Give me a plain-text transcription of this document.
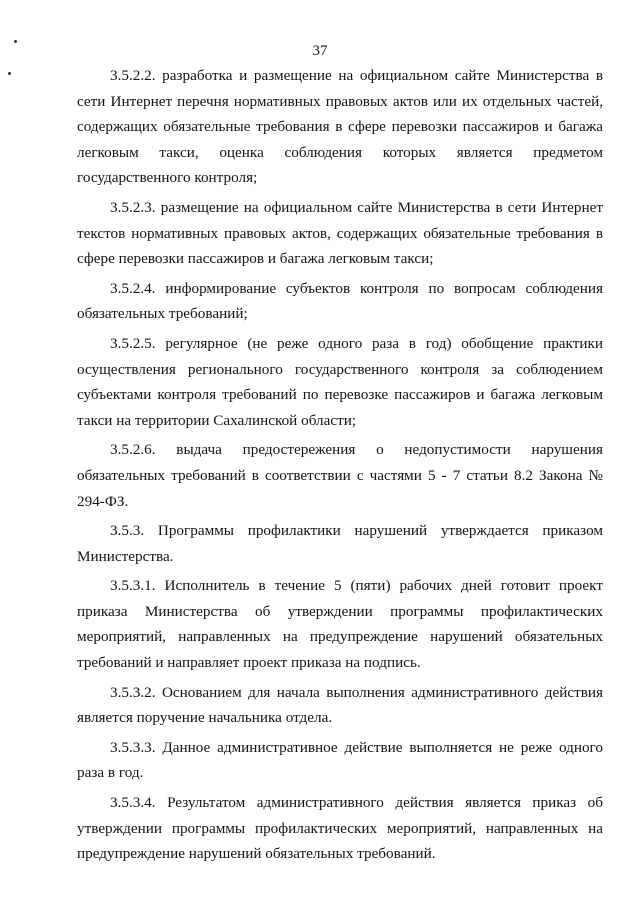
37

3.5.2.2. разработка и размещение на официальном сайте Министерства в сети Интернет перечня нормативных правовых актов или их отдельных частей, содержащих обязательные требования в сфере перевозки пассажиров и багажа легковым такси, оценка соблюдения которых является предметом государственного контроля;

3.5.2.3. размещение на официальном сайте Министерства в сети Интернет текстов нормативных правовых актов, содержащих обязательные требования в сфере перевозки пассажиров и багажа легковым такси;

3.5.2.4. информирование субъектов контроля по вопросам соблюдения обязательных требований;

3.5.2.5. регулярное (не реже одного раза в год) обобщение практики осуществления регионального государственного контроля за соблюдением субъектами контроля требований по перевозке пассажиров и багажа легковым такси на территории Сахалинской области;

3.5.2.6. выдача предостережения о недопустимости нарушения обязательных требований в соответствии с частями 5 - 7 статьи 8.2 Закона № 294-ФЗ.

3.5.3. Программы профилактики нарушений утверждается приказом Министерства.

3.5.3.1. Исполнитель в течение 5 (пяти) рабочих дней готовит проект приказа Министерства об утверждении программы профилактических мероприятий, направленных на предупреждение нарушений обязательных требований и направляет проект приказа на подпись.

3.5.3.2. Основанием для начала выполнения административного действия является поручение начальника отдела.

3.5.3.3. Данное административное действие выполняется не реже одного раза в год.

3.5.3.4. Результатом административного действия является приказ об утверждении программы профилактических мероприятий, направленных на предупреждение нарушений обязательных требований.
